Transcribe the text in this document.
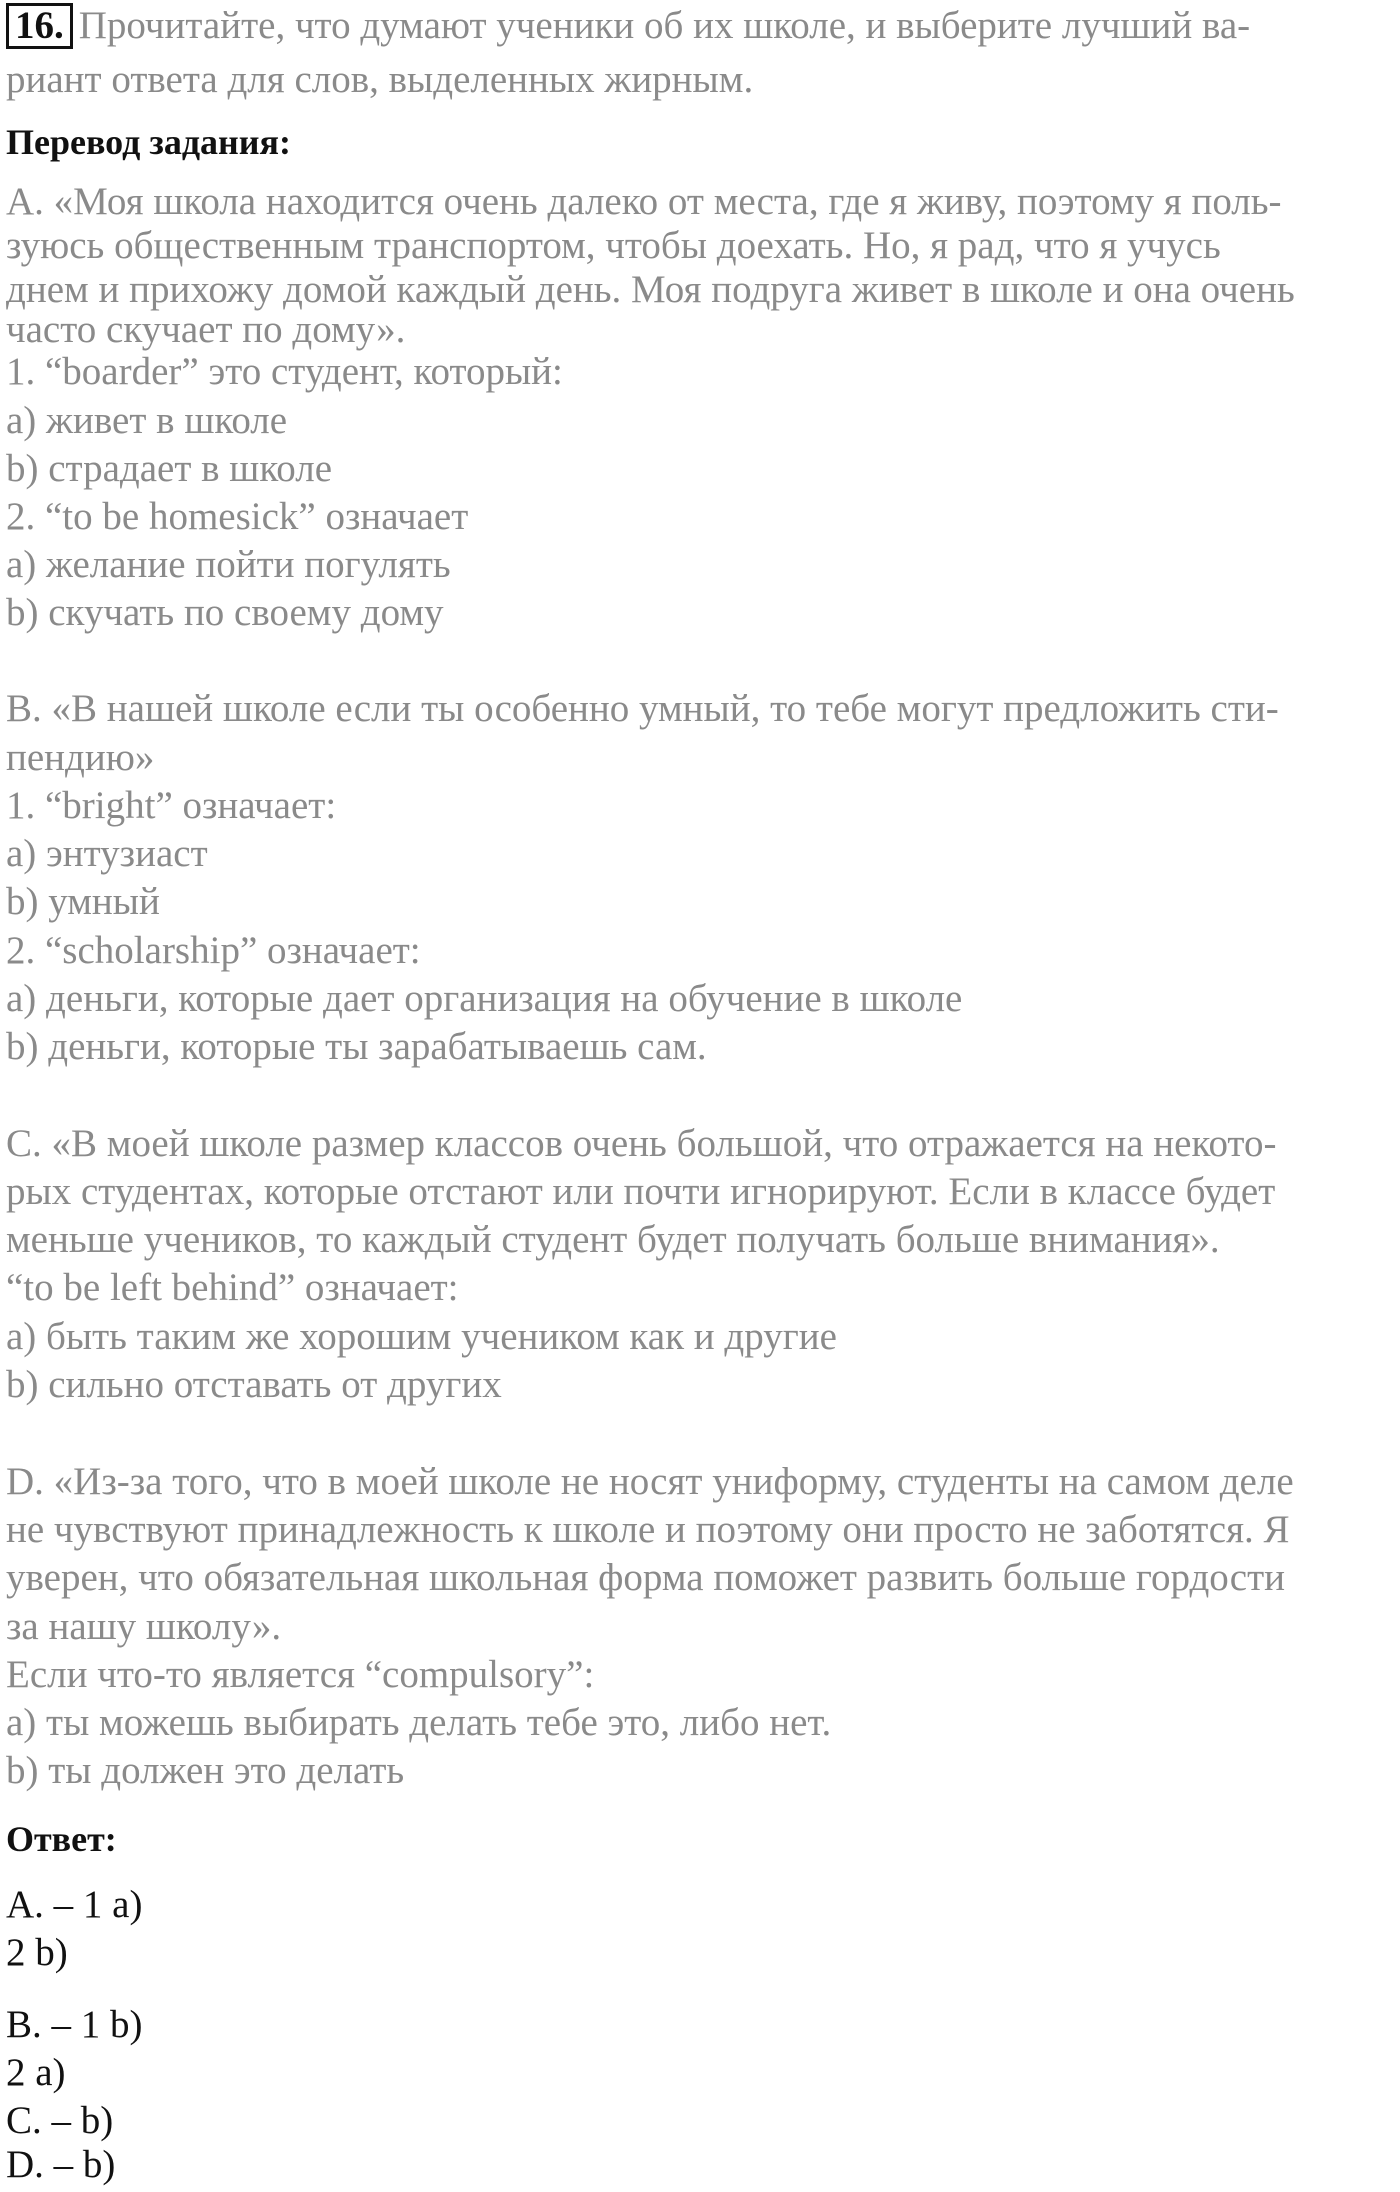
16. Прочитайте, что думают ученики об их школе, и выберите лучший ва-
риант ответа для слов, выделенных жирным.
Перевод задания:
A. «Моя школа находится очень далеко от места, где я живу, поэтому я поль-
зуюсь общественным транспортом, чтобы доехать. Но, я рад, что я учусь
днем и прихожу домой каждый день. Моя подруга живет в школе и она очень
часто скучает по дому».
1. “boarder” это студент, который:
a) живет в школе
b) страдает в школе
2. “to be homesick” означает
a) желание пойти погулять
b) скучать по своему дому
B. «В нашей школе если ты особенно умный, то тебе могут предложить сти-
пендию»
1. “bright” означает:
a) энтузиаст
b) умный
2. “scholarship” означает:
a) деньги, которые дает организация на обучение в школе
b) деньги, которые ты зарабатываешь сам.
C. «В моей школе размер классов очень большой, что отражается на некото-
рых студентах, которые отстают или почти игнорируют. Если в классе будет
меньше учеников, то каждый студент будет получать больше внимания».
“to be left behind” означает:
a) быть таким же хорошим учеником как и другие
b) сильно отставать от других
D. «Из-за того, что в моей школе не носят униформу, студенты на самом деле
не чувствуют принадлежность к школе и поэтому они просто не заботятся. Я
уверен, что обязательная школьная форма поможет развить больше гордости
за нашу школу».
Если что-то является “compulsory”:
a) ты можешь выбирать делать тебе это, либо нет.
b) ты должен это делать
Ответ:
A. – 1 a)
2 b)
B. – 1 b)
2 a)
C. – b)
D. – b)
